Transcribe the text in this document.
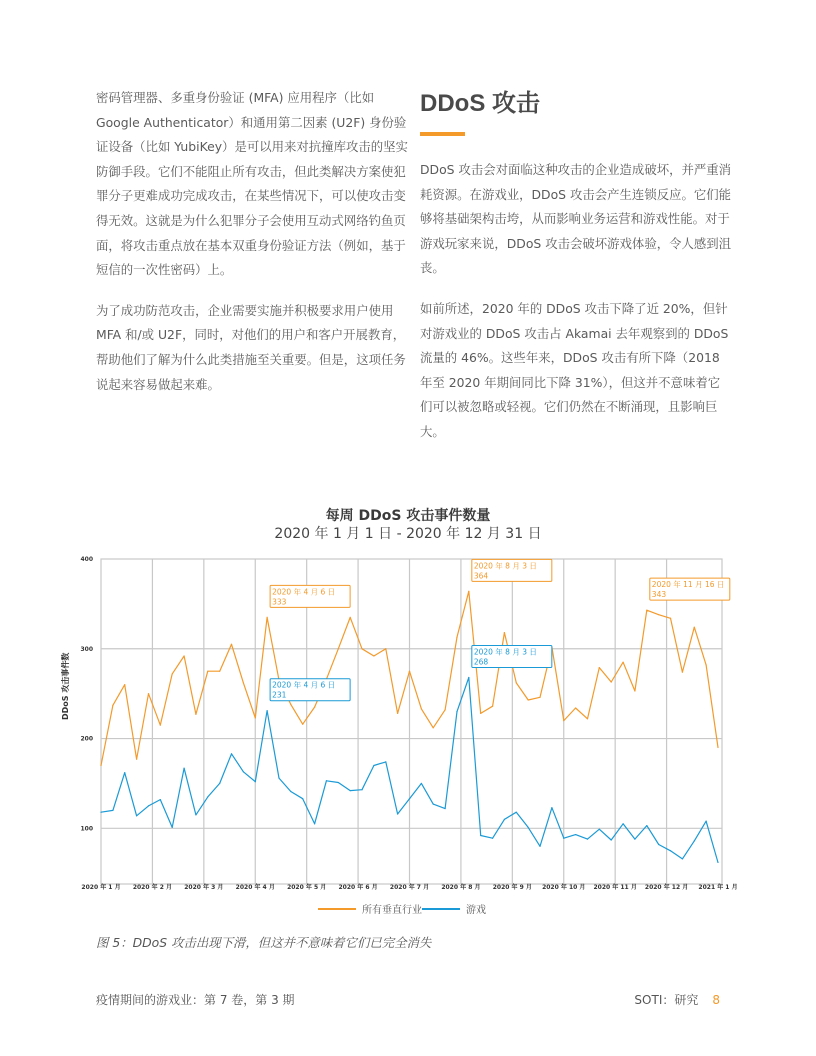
密码管理器、多重身份验证 (MFA) 应用程序（比如 Google Authenticator）和通用第二因素 (U2F) 身份验证设备（比如 YubiKey）是可以用来对抗撞库攻击的坚实防御手段。它们不能阻止所有攻击，但此类解决方案使犯罪分子更难成功完成攻击，在某些情况下，可以使攻击变得无效。这就是为什么犯罪分子会使用互动式网络钓鱼页面，将攻击重点放在基本双重身份验证方法（例如，基于短信的一次性密码）上。

为了成功防范攻击，企业需要实施并积极要求用户使用 MFA 和/或 U2F，同时，对他们的用户和客户开展教育，帮助他们了解为什么此类措施至关重要。但是，这项任务说起来容易做起来难。

DDoS 攻击

DDoS 攻击会对面临这种攻击的企业造成破坏，并严重消耗资源。在游戏业，DDoS 攻击会产生连锁反应。它们能够将基础架构击垮，从而影响业务运营和游戏性能。对于游戏玩家来说，DDoS 攻击会破坏游戏体验，令人感到沮丧。

如前所述，2020 年的 DDoS 攻击下降了近 20%，但针对游戏业的 DDoS 攻击占 Akamai 去年观察到的 DDoS 流量的 46%。这些年来，DDoS 攻击有所下降（2018 年至 2020 年期间同比下降 31%），但这并不意味着它们可以被忽略或轻视。它们仍然在不断涌现，且影响巨大。

每周 DDoS 攻击事件数量
2020 年 1 月 1 日 - 2020 年 12 月 31 日
100
200
300
400
2020 年 1 月 2020 年 2 月 2020 年 3 月 2020 年 4 月 2020 年 5 月 2020 年 6 月 2020 年 7 月 2020 年 8 月 2020 年 9 月 2020 年 10 月 2020 年 11 月 2020 年 12 月 2021 年 1 月
2020 年 4 月 6 日
333
2020 年 8 月 3 日
364
2020 年 11 月 16 日
343
2020 年 4 月 6 日
231
2020 年 8 月 3 日
268
DDoS 攻击事件数
所有垂直行业	游戏
图 5：DDoS 攻击出现下滑，但这并不意味着它们已完全消失
疫情期间的游戏业：第 7 卷，第 3 期	SOTI：研究 8
